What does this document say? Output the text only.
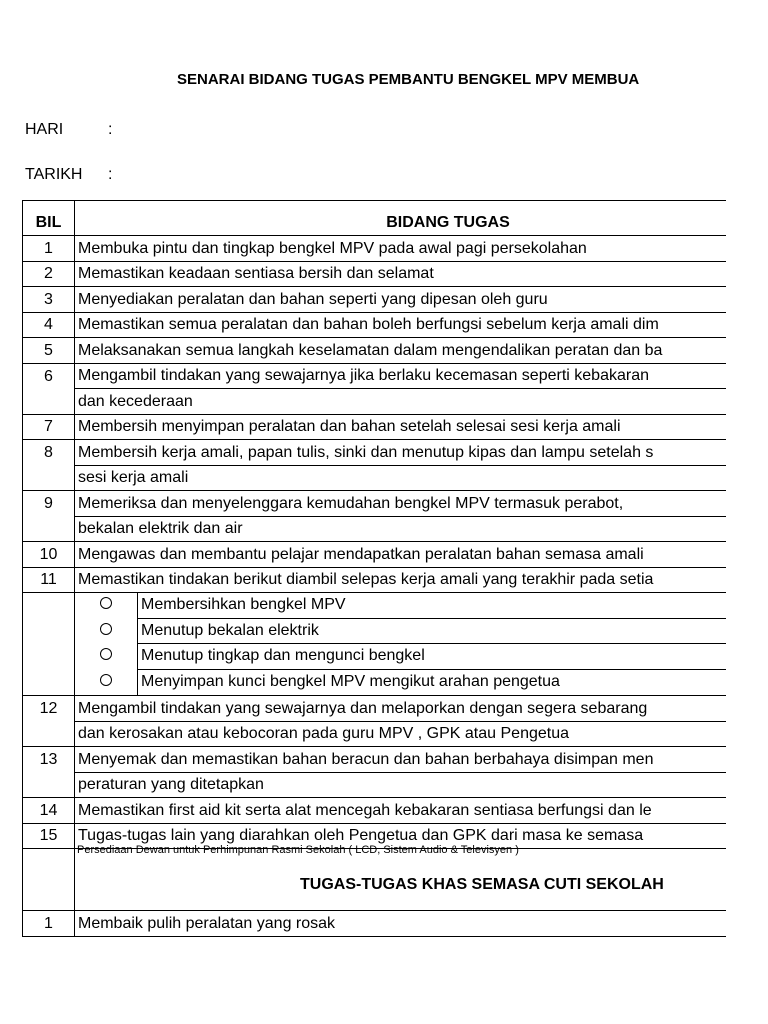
SENARAI BIDANG TUGAS PEMBANTU BENGKEL MPV MEMBUA
HARI	:
TARIKH :
BIL	BIDANG TUGAS
1	Membuka pintu dan tingkap bengkel MPV pada awal pagi persekolahan
2	Memastikan keadaan sentiasa bersih dan selamat
3	Menyediakan peralatan dan bahan seperti yang dipesan oleh guru
4	Memastikan semua peralatan dan bahan boleh berfungsi sebelum kerja amali dim
5	Melaksanakan semua langkah keselamatan dalam mengendalikan peratan dan ba
6	Mengambil tindakan yang sewajarnya jika berlaku kecemasan seperti kebakaran
	dan kecederaan
7	Membersih menyimpan peralatan dan bahan setelah selesai sesi kerja amali
8	Membersih kerja amali, papan tulis, sinki dan menutup kipas dan lampu setelah s
	sesi kerja amali
9	Memeriksa dan menyelenggara kemudahan bengkel MPV termasuk perabot,
	bekalan elektrik dan air
10	Mengawas dan membantu pelajar mendapatkan peralatan bahan semasa amali
11	Memastikan tindakan berikut diambil selepas kerja amali yang terakhir pada setia

	Membersihkan bengkel MPV
Menutup bekalan elektrik
Menutup tingkap dan mengunci bengkel
Menyimpan kunci bengkel MPV mengikut arahan pengetua

12	Mengambil tindakan yang sewajarnya dan melaporkan dengan segera sebarang
	dan kerosakan atau kebocoran pada guru MPV , GPK atau Pengetua
13	Menyemak dan memastikan bahan beracun dan bahan berbahaya disimpan men
	peraturan yang ditetapkan
14	Memastikan first aid kit serta alat mencegah kebakaran sentiasa berfungsi dan le
15	Tugas-tugas lain yang diarahkan oleh Pengetua dan GPK dari masa ke semasa
Persediaan Dewan untuk Perhimpunan Rasmi Sekolah ( LCD, Sistem Audio & Televisyen )
TUGAS-TUGAS KHAS SEMASA CUTI SEKOLAH

1	Membaik pulih peralatan yang rosak
